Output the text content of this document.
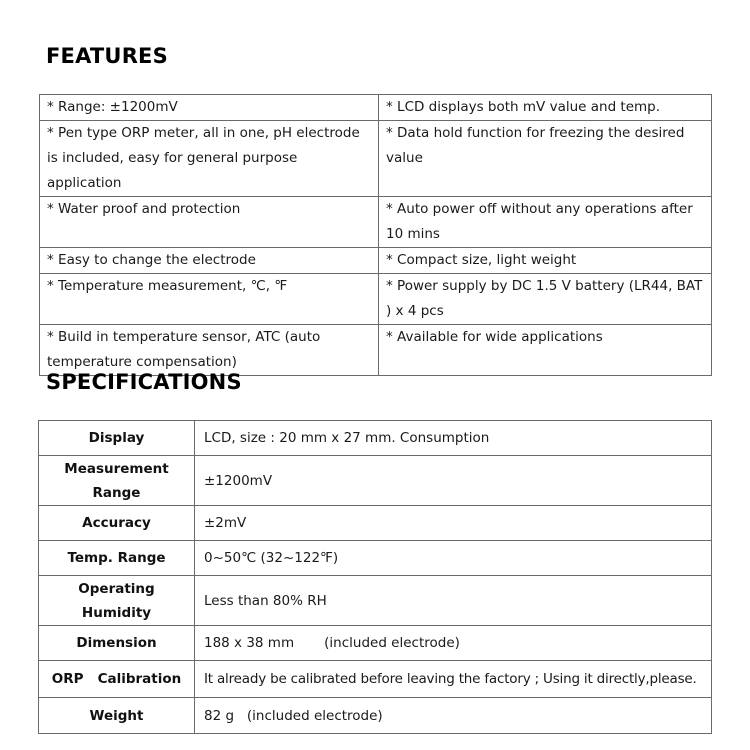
FEATURES
* Range: ±1200mV	* LCD displays both mV value and temp.
* Pen type ORP meter, all in one, pH electrode is included, easy for general purpose application	* Data hold function for freezing the desired value
* Water proof and protection	* Auto power off without any operations after 10 mins
* Easy to change the electrode	* Compact size, light weight
* Temperature measurement, ℃, ℉	* Power supply by DC 1.5 V battery (LR44, BAT ) x 4 pcs
* Build in temperature sensor, ATC (auto temperature compensation)	* Available for wide applications
SPECIFICATIONS
Display	LCD, size : 20 mm x 27 mm. Consumption
Measurement Range	±1200mV
Accuracy	±2mV
Temp. Range	0~50℃ (32~122℉)
Operating Humidity	Less than 80% RH
Dimension	188 x 38 mm       (included electrode)
ORP   Calibration	It already be calibrated before leaving the factory ; Using it directly,please.
Weight	82 g   (included electrode)
